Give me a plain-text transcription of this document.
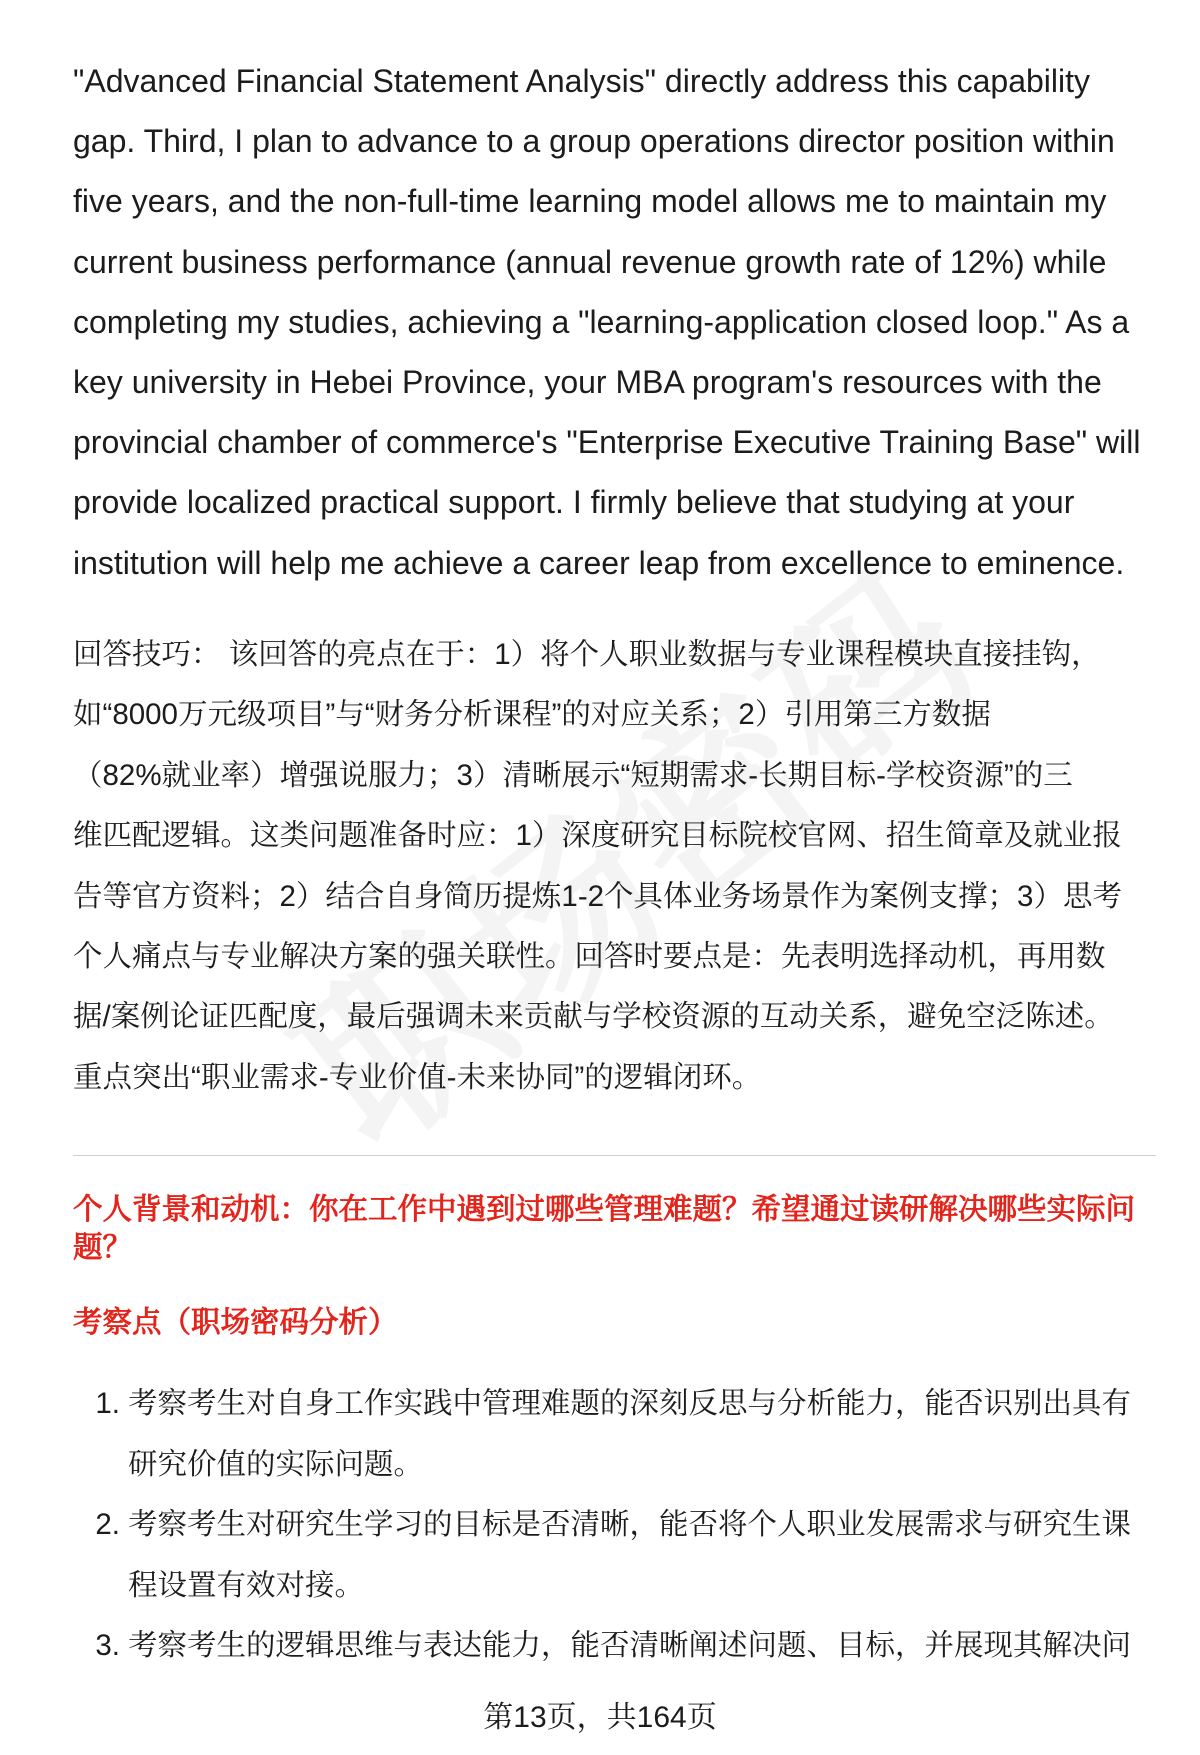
"Advanced Financial Statement Analysis" directly address this capability
gap. Third, I plan to advance to a group operations director position within
five years, and the non-full-time learning model allows me to maintain my
current business performance (annual revenue growth rate of 12%) while
completing my studies, achieving a "learning-application closed loop." As a
key university in Hebei Province, your MBA program's resources with the
provincial chamber of commerce's "Enterprise Executive Training Base" will
provide localized practical support. I firmly believe that studying at your
institution will help me achieve a career leap from excellence to eminence.
回答技巧： 该回答的亮点在于：1）将个人职业数据与专业课程模块直接挂钩，
如“8000万元级项目”与“财务分析课程”的对应关系；2）引用第三方数据
（82%就业率）增强说服力；3）清晰展示“短期需求-长期目标-学校资源”的三
维匹配逻辑。这类问题准备时应：1）深度研究目标院校官网、招生简章及就业报
告等官方资料；2）结合自身简历提炼1-2个具体业务场景作为案例支撑；3）思考
个人痛点与专业解决方案的强关联性。回答时要点是：先表明选择动机，再用数
据/案例论证匹配度，最后强调未来贡献与学校资源的互动关系，避免空泛陈述。
重点突出“职业需求-专业价值-未来协同”的逻辑闭环。
个人背景和动机：你在工作中遇到过哪些管理难题？希望通过读研解决哪些实际问
题？
考察点（职场密码分析）
1. 考察考生对自身工作实践中管理难题的深刻反思与分析能力，能否识别出具有
研究价值的实际问题。
2. 考察考生对研究生学习的目标是否清晰，能否将个人职业发展需求与研究生课
程设置有效对接。
3. 考察考生的逻辑思维与表达能力，能否清晰阐述问题、目标，并展现其解决问
第13页，共164页
